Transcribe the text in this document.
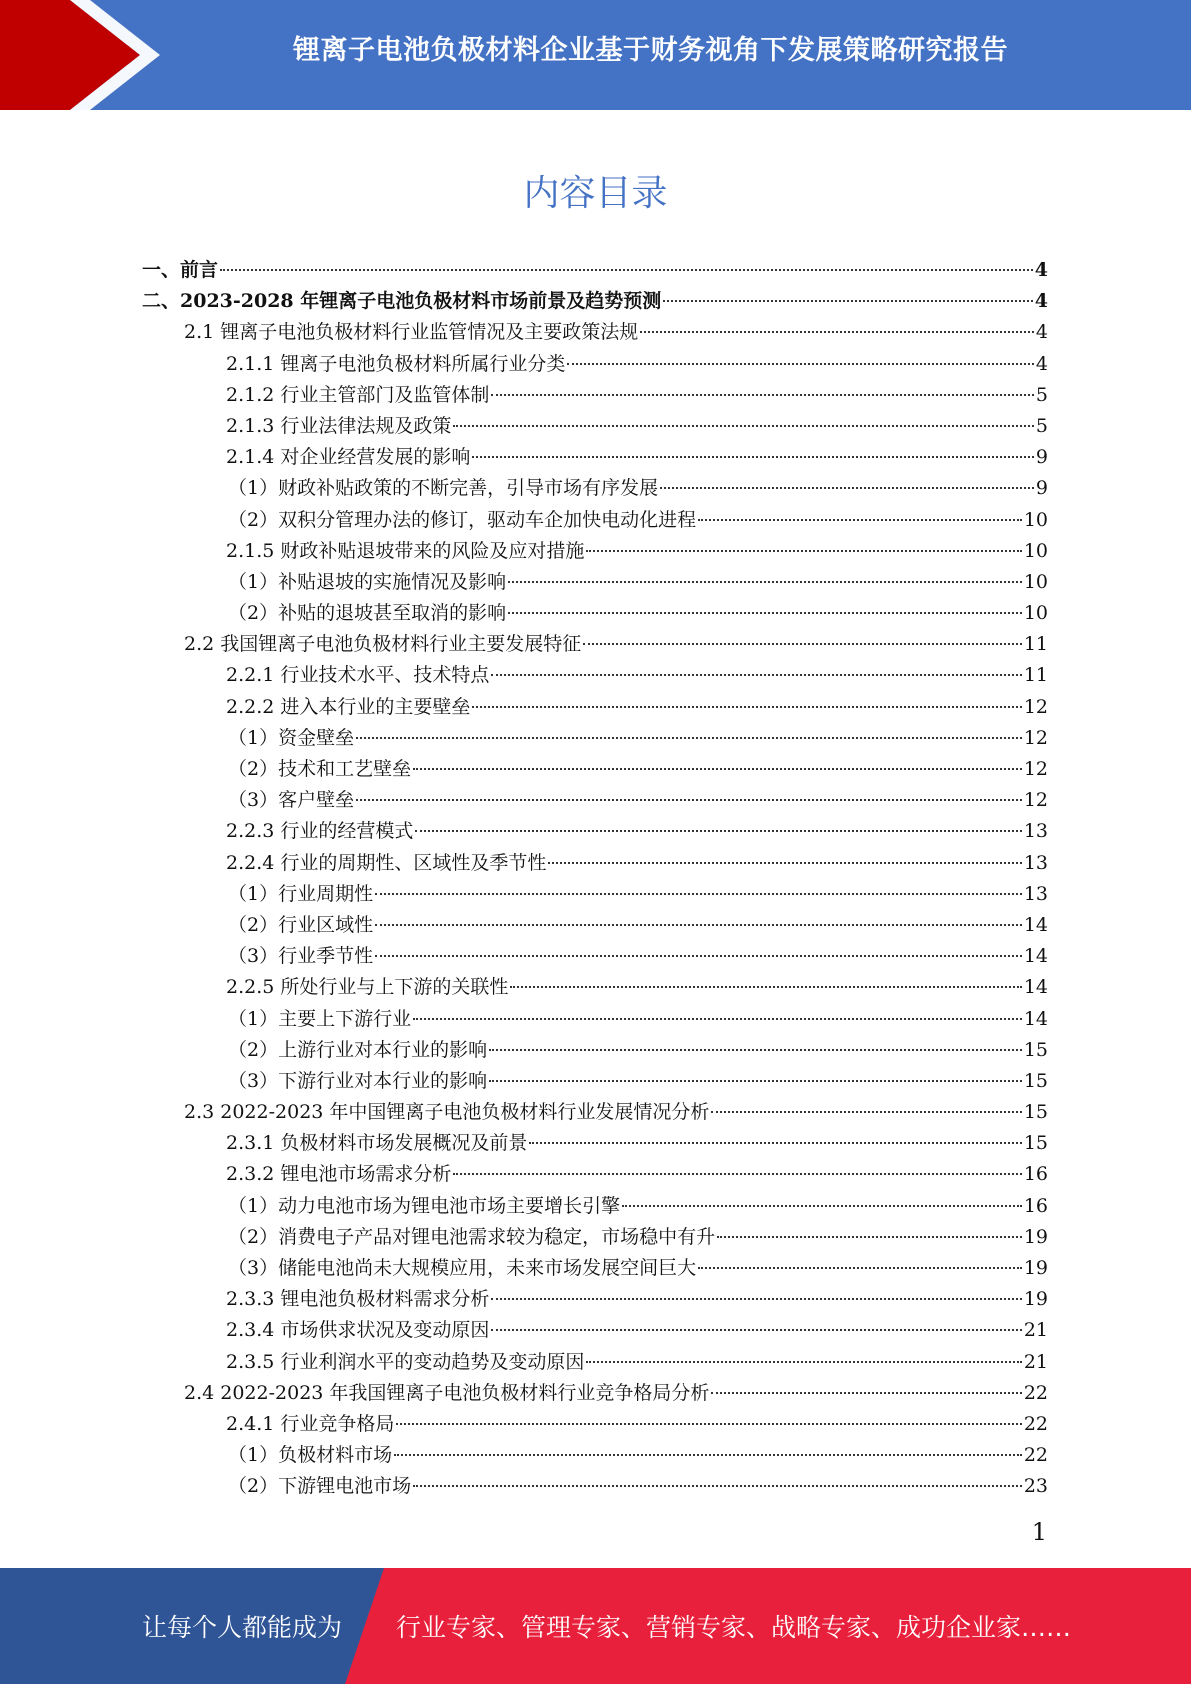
锂离子电池负极材料企业基于财务视角下发展策略研究报告
内容目录
一、前言	4
二、2023-2028 年锂离子电池负极材料市场前景及趋势预测	4
2.1 锂离子电池负极材料行业监管情况及主要政策法规	4
2.1.1 锂离子电池负极材料所属行业分类	4
2.1.2 行业主管部门及监管体制	5
2.1.3 行业法律法规及政策	5
2.1.4 对企业经营发展的影响	9
（1）财政补贴政策的不断完善，引导市场有序发展	9
（2）双积分管理办法的修订，驱动车企加快电动化进程	10
2.1.5 财政补贴退坡带来的风险及应对措施	10
（1）补贴退坡的实施情况及影响	10
（2）补贴的退坡甚至取消的影响	10
2.2 我国锂离子电池负极材料行业主要发展特征	11
2.2.1 行业技术水平、技术特点	11
2.2.2 进入本行业的主要壁垒	12
（1）资金壁垒	12
（2）技术和工艺壁垒	12
（3）客户壁垒	12
2.2.3 行业的经营模式	13
2.2.4 行业的周期性、区域性及季节性	13
（1）行业周期性	13
（2）行业区域性	14
（3）行业季节性	14
2.2.5 所处行业与上下游的关联性	14
（1）主要上下游行业	14
（2）上游行业对本行业的影响	15
（3）下游行业对本行业的影响	15
2.3 2022-2023 年中国锂离子电池负极材料行业发展情况分析	15
2.3.1 负极材料市场发展概况及前景	15
2.3.2 锂电池市场需求分析	16
（1）动力电池市场为锂电池市场主要增长引擎	16
（2）消费电子产品对锂电池需求较为稳定，市场稳中有升	19
（3）储能电池尚未大规模应用，未来市场发展空间巨大	19
2.3.3 锂电池负极材料需求分析	19
2.3.4 市场供求状况及变动原因	21
2.3.5 行业利润水平的变动趋势及变动原因	21
2.4 2022-2023 年我国锂离子电池负极材料行业竞争格局分析	22
2.4.1 行业竞争格局	22
（1）负极材料市场	22
（2）下游锂电池市场	23
1
让每个人都能成为 行业专家、管理专家、营销专家、战略专家、成功企业家……
